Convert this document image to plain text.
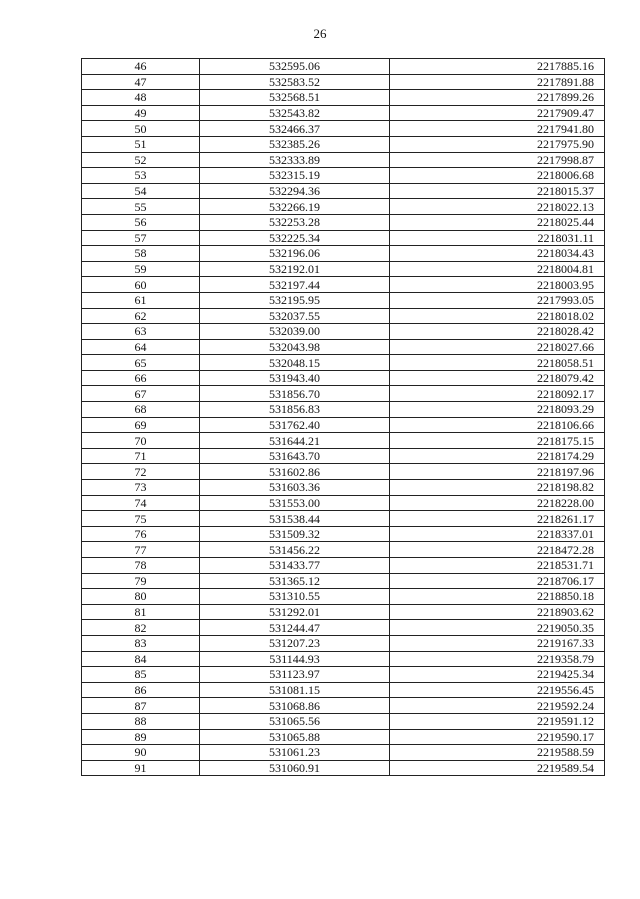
26
46	532595.06	2217885.16
47	532583.52	2217891.88
48	532568.51	2217899.26
49	532543.82	2217909.47
50	532466.37	2217941.80
51	532385.26	2217975.90
52	532333.89	2217998.87
53	532315.19	2218006.68
54	532294.36	2218015.37
55	532266.19	2218022.13
56	532253.28	2218025.44
57	532225.34	2218031.11
58	532196.06	2218034.43
59	532192.01	2218004.81
60	532197.44	2218003.95
61	532195.95	2217993.05
62	532037.55	2218018.02
63	532039.00	2218028.42
64	532043.98	2218027.66
65	532048.15	2218058.51
66	531943.40	2218079.42
67	531856.70	2218092.17
68	531856.83	2218093.29
69	531762.40	2218106.66
70	531644.21	2218175.15
71	531643.70	2218174.29
72	531602.86	2218197.96
73	531603.36	2218198.82
74	531553.00	2218228.00
75	531538.44	2218261.17
76	531509.32	2218337.01
77	531456.22	2218472.28
78	531433.77	2218531.71
79	531365.12	2218706.17
80	531310.55	2218850.18
81	531292.01	2218903.62
82	531244.47	2219050.35
83	531207.23	2219167.33
84	531144.93	2219358.79
85	531123.97	2219425.34
86	531081.15	2219556.45
87	531068.86	2219592.24
88	531065.56	2219591.12
89	531065.88	2219590.17
90	531061.23	2219588.59
91	531060.91	2219589.54
